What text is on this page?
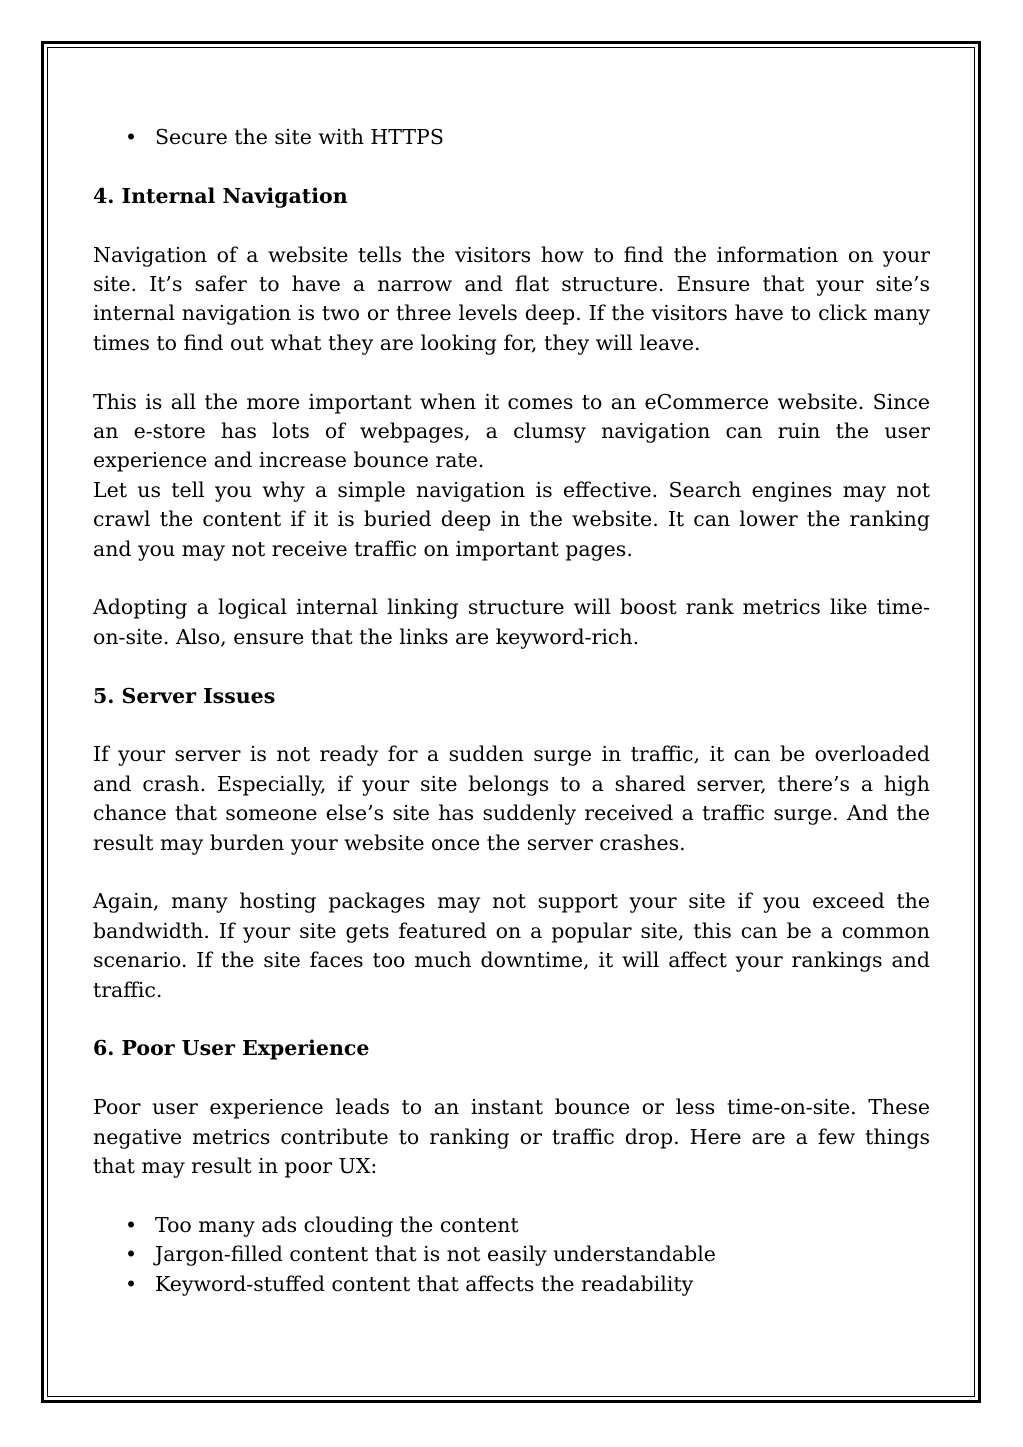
• Secure the site with HTTPS
4. Internal Navigation

Navigation of a website tells the visitors how to find the information on your site. It’s safer to have a narrow and flat structure. Ensure that your site’s internal navigation is two or three levels deep. If the visitors have to click many times to find out what they are looking for, they will leave.

This is all the more important when it comes to an eCommerce website. Since an e-store has lots of webpages, a clumsy navigation can ruin the user experience and increase bounce rate.

Let us tell you why a simple navigation is effective. Search engines may not crawl the content if it is buried deep in the website. It can lower the ranking and you may not receive traffic on important pages.

Adopting a logical internal linking structure will boost rank metrics like time-on-site. Also, ensure that the links are keyword-rich.

5. Server Issues

If your server is not ready for a sudden surge in traffic, it can be overloaded and crash. Especially, if your site belongs to a shared server, there’s a high chance that someone else’s site has suddenly received a traffic surge. And the result may burden your website once the server crashes.

Again, many hosting packages may not support your site if you exceed the bandwidth. If your site gets featured on a popular site, this can be a common scenario. If the site faces too much downtime, it will affect your rankings and traffic.

6. Poor User Experience

Poor user experience leads to an instant bounce or less time-on-site. These negative metrics contribute to ranking or traffic drop. Here are a few things that may result in poor UX:

• Too many ads clouding the content
• Jargon-filled content that is not easily understandable
• Keyword-stuffed content that affects the readability
